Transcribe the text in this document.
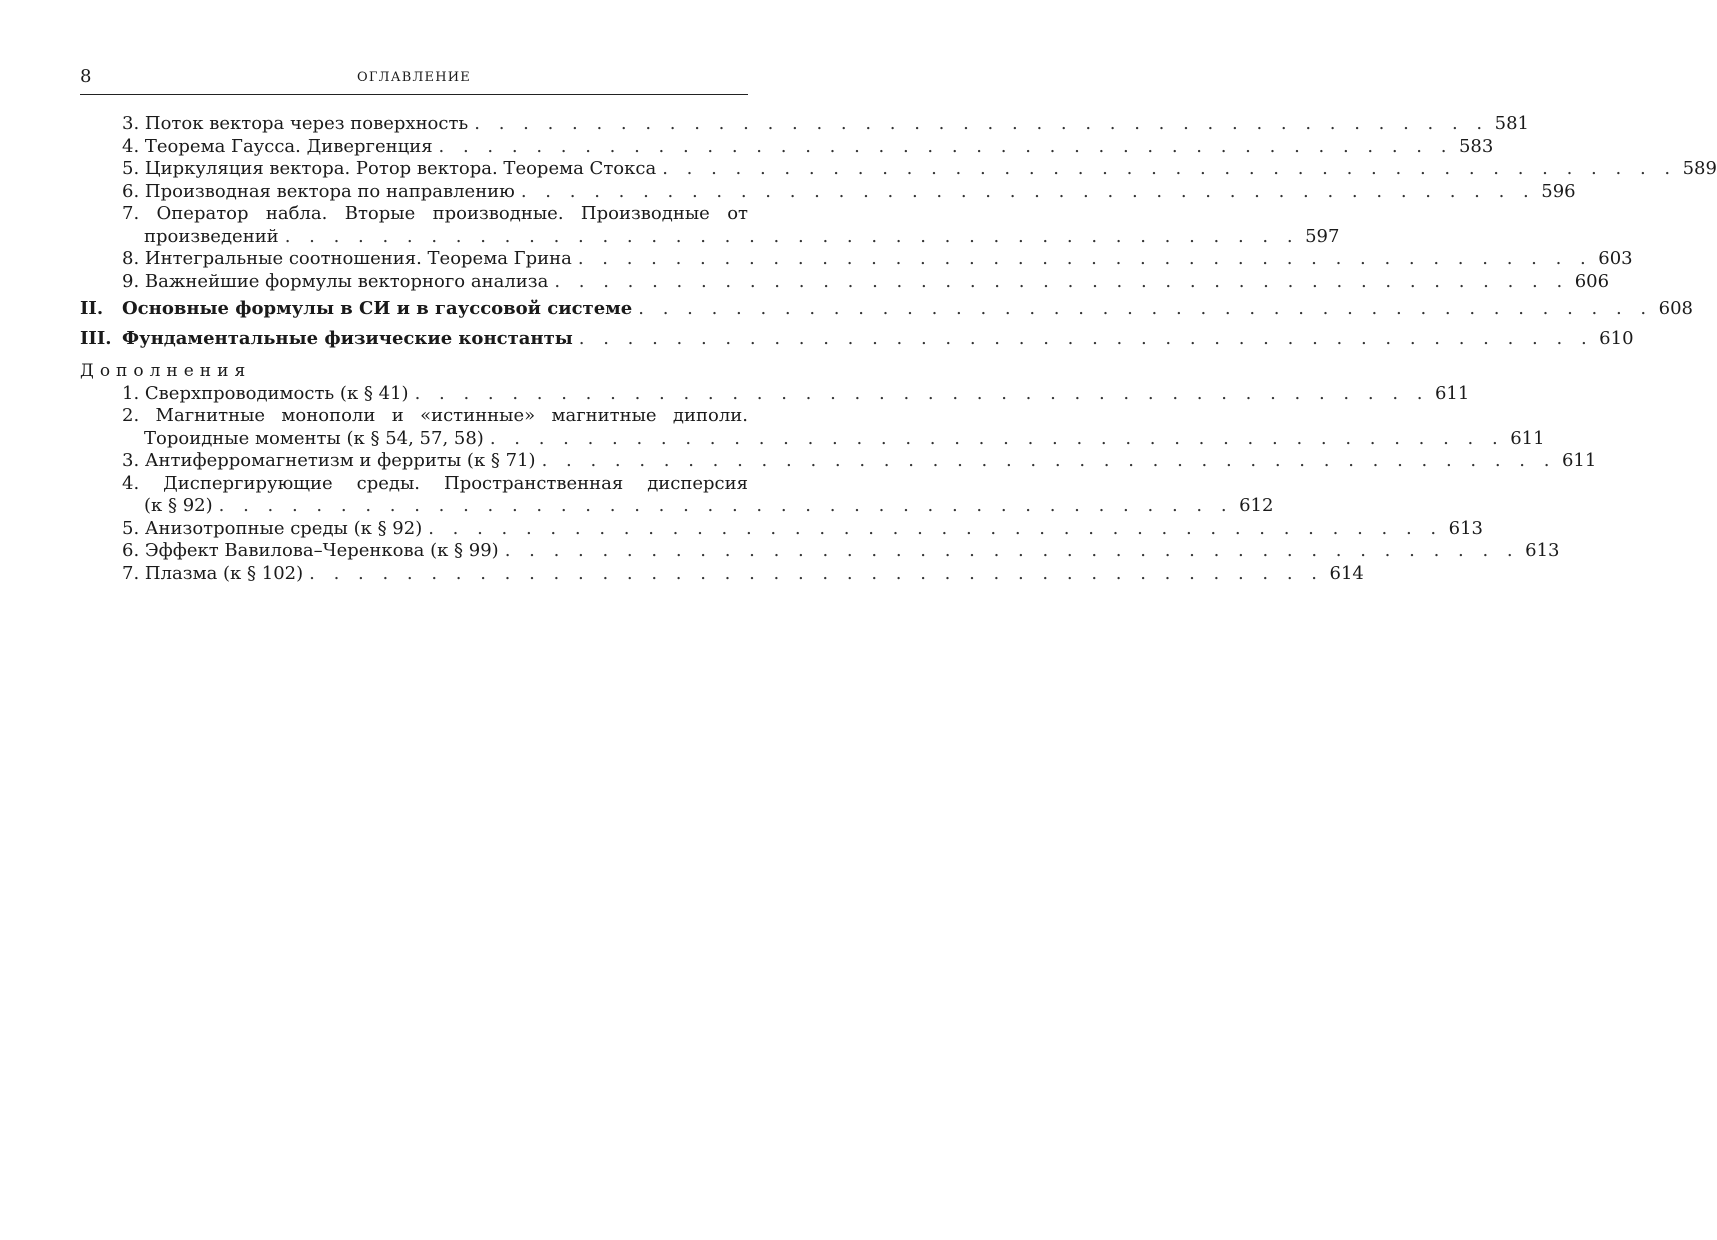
8	ОГЛАВЛЕНИЕ
3. Поток вектора через поверхность . . . . . . . . . . . . . . . . . . . . . . . . . . . . . . . . . . . . . . . . . . 581
4. Теорема Гаусса. Дивергенция . . . . . . . . . . . . . . . . . . . . . . . . . . . . . . . . . . . . . . . . . . 583
5. Циркуляция вектора. Ротор вектора. Теорема Стокса . . . . . . . . . . . . . . . . . . . . . . . . . . . . . . . . . . . . . . . . . . 589
6. Производная вектора по направлению . . . . . . . . . . . . . . . . . . . . . . . . . . . . . . . . . . . . . . . . . . 596
7. Оператор набла. Вторые производные. Производные от
произведений . . . . . . . . . . . . . . . . . . . . . . . . . . . . . . . . . . . . . . . . . . 597
8. Интегральные соотношения. Теорема Грина . . . . . . . . . . . . . . . . . . . . . . . . . . . . . . . . . . . . . . . . . . 603
9. Важнейшие формулы векторного анализа . . . . . . . . . . . . . . . . . . . . . . . . . . . . . . . . . . . . . . . . . . 606
II. Основные формулы в СИ и в гауссовой системе . . . . . . . . . . . . . . . . . . . . . . . . . . . . . . . . . . . . . . . . . . 608
III. Фундаментальные физические константы . . . . . . . . . . . . . . . . . . . . . . . . . . . . . . . . . . . . . . . . . . 610
Дополнения
1. Сверхпроводимость (к § 41) . . . . . . . . . . . . . . . . . . . . . . . . . . . . . . . . . . . . . . . . . . 611
2. Магнитные монополи и «истинные» магнитные диполи.
Тороидные моменты (к § 54, 57, 58) . . . . . . . . . . . . . . . . . . . . . . . . . . . . . . . . . . . . . . . . . . 611
3. Антиферромагнетизм и ферриты (к § 71) . . . . . . . . . . . . . . . . . . . . . . . . . . . . . . . . . . . . . . . . . . 611
4. Диспергирующие среды. Пространственная дисперсия
(к § 92) . . . . . . . . . . . . . . . . . . . . . . . . . . . . . . . . . . . . . . . . . . 612
5. Анизотропные среды (к § 92) . . . . . . . . . . . . . . . . . . . . . . . . . . . . . . . . . . . . . . . . . . 613
6. Эффект Вавилова–Черенкова (к § 99) . . . . . . . . . . . . . . . . . . . . . . . . . . . . . . . . . . . . . . . . . . 613
7. Плазма (к § 102) . . . . . . . . . . . . . . . . . . . . . . . . . . . . . . . . . . . . . . . . . . 614
